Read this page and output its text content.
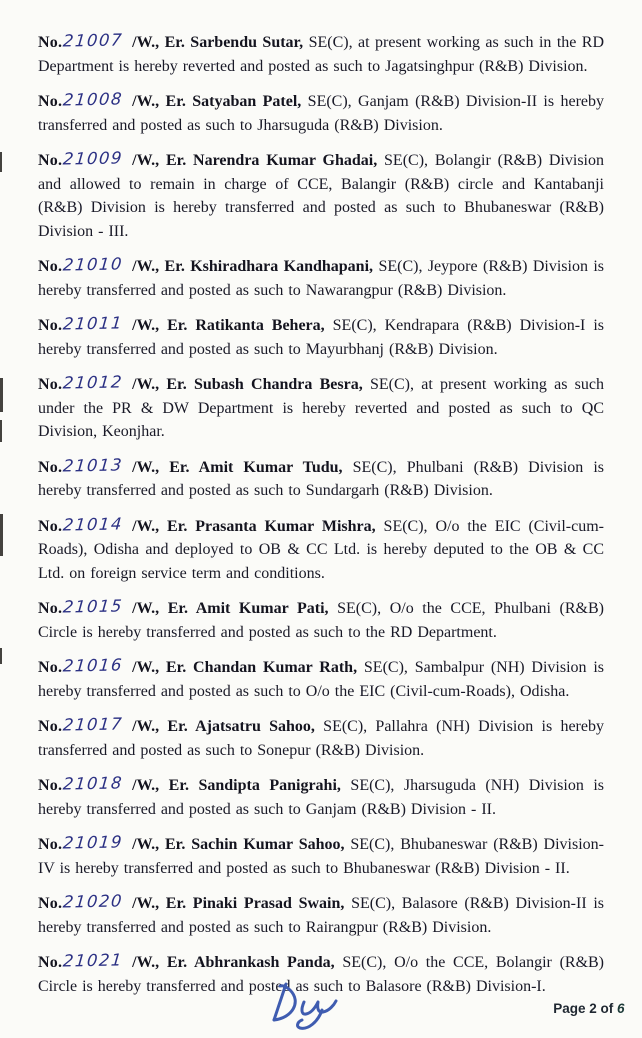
No.21007 /W., Er. Sarbendu Sutar, SE(C), at present working as such in the RD Department is hereby reverted and posted as such to Jagatsinghpur (R&B) Division.

No.21008 /W., Er. Satyaban Patel, SE(C), Ganjam (R&B) Division-II is hereby transferred and posted as such to Jharsuguda (R&B) Division.

No.21009 /W., Er. Narendra Kumar Ghadai, SE(C), Bolangir (R&B) Division and allowed to remain in charge of CCE, Balangir (R&B) circle and Kantabanji (R&B) Division is hereby transferred and posted as such to Bhubaneswar (R&B) Division - III.

No.21010 /W., Er. Kshiradhara Kandhapani, SE(C), Jeypore (R&B) Division is hereby transferred and posted as such to Nawarangpur (R&B) Division.

No.21011 /W., Er. Ratikanta Behera, SE(C), Kendrapara (R&B) Division-I is hereby transferred and posted as such to Mayurbhanj (R&B) Division.

No.21012 /W., Er. Subash Chandra Besra, SE(C), at present working as such under the PR & DW Department is hereby reverted and posted as such to QC Division, Keonjhar.

No.21013 /W., Er. Amit Kumar Tudu, SE(C), Phulbani (R&B) Division is hereby transferred and posted as such to Sundargarh (R&B) Division.

No.21014 /W., Er. Prasanta Kumar Mishra, SE(C), O/o the EIC (Civil-cum-Roads), Odisha and deployed to OB & CC Ltd. is hereby deputed to the OB & CC Ltd. on foreign service term and conditions.

No.21015 /W., Er. Amit Kumar Pati, SE(C), O/o the CCE, Phulbani (R&B) Circle is hereby transferred and posted as such to the RD Department.

No.21016 /W., Er. Chandan Kumar Rath, SE(C), Sambalpur (NH) Division is hereby transferred and posted as such to O/o the EIC (Civil-cum-Roads), Odisha.

No.21017 /W., Er. Ajatsatru Sahoo, SE(C), Pallahra (NH) Division is hereby transferred and posted as such to Sonepur (R&B) Division.

No.21018 /W., Er. Sandipta Panigrahi, SE(C), Jharsuguda (NH) Division is hereby transferred and posted as such to Ganjam (R&B) Division - II.

No.21019 /W., Er. Sachin Kumar Sahoo, SE(C), Bhubaneswar (R&B) Division-IV is hereby transferred and posted as such to Bhubaneswar (R&B) Division - II.

No.21020 /W., Er. Pinaki Prasad Swain, SE(C), Balasore (R&B) Division-II is hereby transferred and posted as such to Rairangpur (R&B) Division.

No.21021 /W., Er. Abhrankash Panda, SE(C), O/o the CCE, Bolangir (R&B) Circle is hereby transferred and posted as such to Balasore (R&B) Division-I.

Page 2 of 6
